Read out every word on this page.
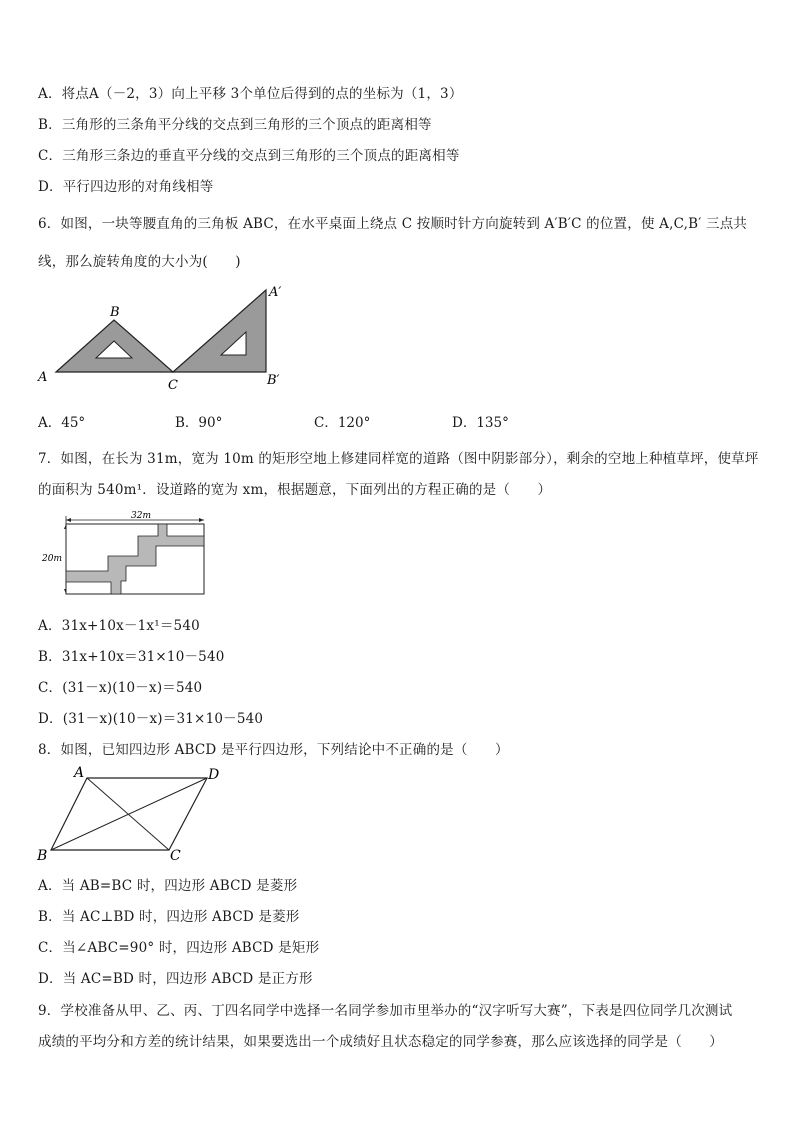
A．将点A（－2，3）向上平移 3个单位后得到的点的坐标为（1，3）
B．三角形的三条角平分线的交点到三角形的三个顶点的距离相等
C．三角形三条边的垂直平分线的交点到三角形的三个顶点的距离相等
D．平行四边形的对角线相等
6．如图，一块等腰直角的三角板 ABC，在水平桌面上绕点 C 按顺时针方向旋转到 A′B′C 的位置，使 A,C,B′ 三点共
线，那么旋转角度的大小为(　　)
A
B
C
A′
B′
A．45°	B．90°	C．120°	D．135°
7．如图，在长为 31m，宽为 10m 的矩形空地上修建同样宽的道路（图中阴影部分），剩余的空地上种植草坪，使草坪
的面积为 540m¹．设道路的宽为 xm，根据题意，下面列出的方程正确的是（　　）
32m
20m
A．31x+10x－1x¹＝540
B．31x+10x＝31×10－540
C．(31－x)(10－x)＝540
D．(31－x)(10－x)＝31×10－540
8．如图，已知四边形 ABCD 是平行四边形，下列结论中不正确的是（　　）
A	D
B	C
A．当 AB=BC 时，四边形 ABCD 是菱形
B．当 AC⊥BD 时，四边形 ABCD 是菱形
C．当∠ABC=90° 时，四边形 ABCD 是矩形
D．当 AC=BD 时，四边形 ABCD 是正方形
9．学校准备从甲、乙、丙、丁四名同学中选择一名同学参加市里举办的“汉字听写大赛”，下表是四位同学几次测试
成绩的平均分和方差的统计结果，如果要选出一个成绩好且状态稳定的同学参赛，那么应该选择的同学是（　　）
